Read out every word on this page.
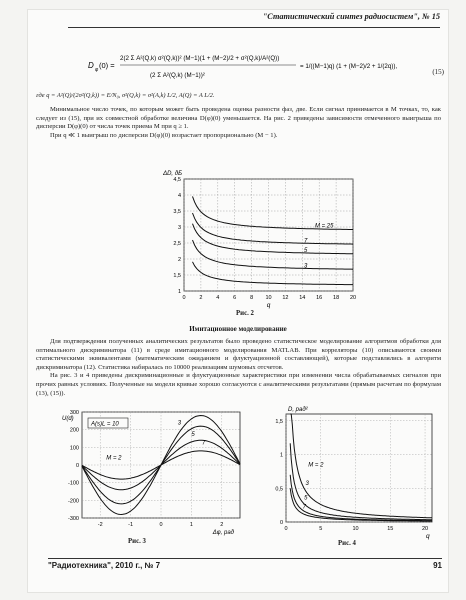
"Статистический синтез радиосистем", № 15
D φ (0) =
2(2 Σ A²(Q,k) σ²(Q,k))² (M−1)(1 + (M−2)/2 + σ²(Q,k)/A²(Q))
(2 Σ A²(Q,k) (M−1))²
= 1/((M−1)q) (1 + (M−2)/2 + 1/(2q)),
(15)
где q = A²(Q)/(2σ²(Q,k)) = E/N₀, σ²(Q,k) = σ²(A,k) L/2, A(Q) = A L/2.

Минимальное число точек, по которым может быть проведена оценка разности фаз, две. Если сигнал принимается в M точках, то, как следует из (15), при их совместной обработке величина D(φ)(0) уменьшается. На рис. 2 приведены зависимости отмеченного выигрыша по дисперсии D(φ)(0) от числа точек приема M при q ≥ 1.

При q ≪ 1 выигрыш по дисперсии D(φ)(0) возрастает пропорционально (M − 1).

0	2	4	6	8 10 12 14 16 18 20
1
1,5
2
2,5
3
3,5
4
4,5
ΔD, дБ
q
M = 25
7
5
3
Рис. 2
Имитационное моделирование

Для подтверждения полученных аналитических результатов было проведено статистическое моделирование алгоритмов обработки для оптимального дискриминатора (11) в среде имитационного моделирования MATLAB. При корреляторы (10) описываются своими статистическими эквивалентами (математическим ожиданием и флуктуационной составляющей), которые подставлялись в алгоритм дискриминатора (12). Статистика набиралась по 10000 реализациям шумовых отсчетов.

На рис. 3 и 4 приведены дискриминационные и флуктуационные характеристики при изменении числа обрабатываемых сигналов при прочих равных условиях. Полученные на модели кривые хорошо согласуются с аналитическими результатами (прямым расчетам по формулам (13), (15)).

-2	-1	0	1	2
300
200
100
0
-100
-200
-300
U(d)
Δφ, рад
A(s)L = 10
M = 2
3
5
7
Рис. 3
0	5	10	15	20
1,5
1
0,5
0
D, рад²
q
M = 2
3
5
7
Рис. 4
"Радиотехника", 2010 г., № 7	91
